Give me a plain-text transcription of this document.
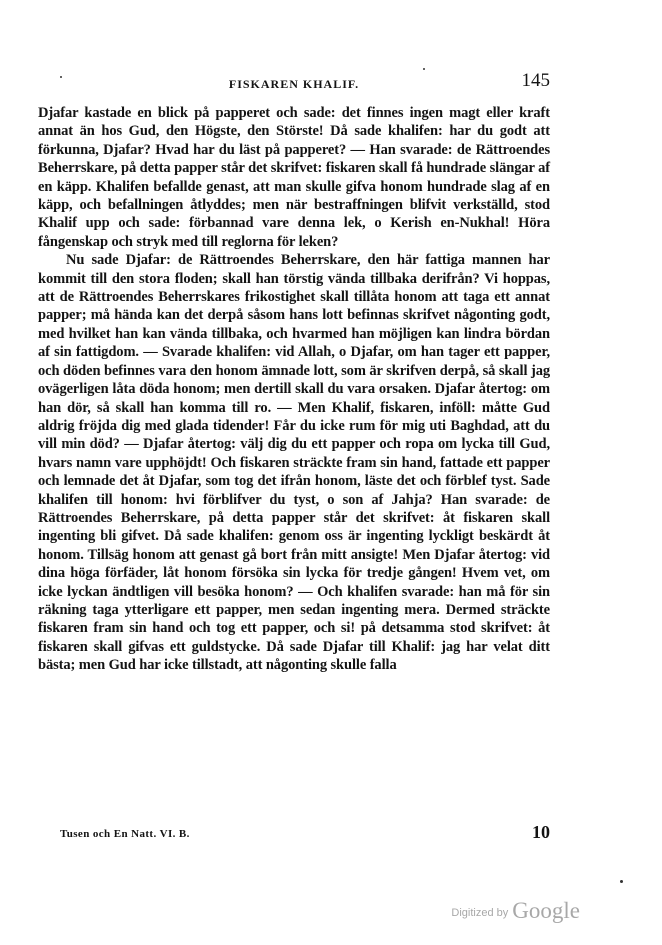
FISKAREN KHALIF.	145

Djafar kastade en blick på papperet och sade: det finnes ingen magt eller kraft annat än hos Gud, den Högste, den Störste! Då sade khalifen: har du godt att förkunna, Djafar? Hvad har du läst på papperet? — Han svarade: de Rättroendes Beherrskare, på detta papper står det skrifvet: fiskaren skall få hundrade slängar af en käpp. Khalifen befallde genast, att man skulle gifva honom hundrade slag af en käpp, och befallningen åtlyddes; men när bestraffningen blifvit verkställd, stod Khalif upp och sade: förbannad vare denna lek, o Kerish en-Nukhal! Höra fångenskap och stryk med till reglorna för leken?

Nu sade Djafar: de Rättroendes Beherrskare, den här fattiga mannen har kommit till den stora floden; skall han törstig vända tillbaka derifrån? Vi hoppas, att de Rättroendes Beherrskares frikostighet skall tillåta honom att taga ett annat papper; må hända kan det derpå såsom hans lott befinnas skrifvet någonting godt, med hvilket han kan vända tillbaka, och hvarmed han möjligen kan lindra bördan af sin fattigdom. — Svarade khalifen: vid Allah, o Djafar, om han tager ett papper, och döden befinnes vara den honom ämnade lott, som är skrifven derpå, så skall jag ovägerligen låta döda honom; men dertill skall du vara orsaken. Djafar återtog: om han dör, så skall han komma till ro. — Men Khalif, fiskaren, inföll: måtte Gud aldrig fröjda dig med glada tidender! Får du icke rum för mig uti Baghdad, att du vill min död? — Djafar återtog: välj dig du ett papper och ropa om lycka till Gud, hvars namn vare upphöjdt! Och fiskaren sträckte fram sin hand, fattade ett papper och lemnade det åt Djafar, som tog det ifrån honom, läste det och förblef tyst. Sade khalifen till honom: hvi förblifver du tyst, o son af Jahja? Han svarade: de Rättroendes Beherrskare, på detta papper står det skrifvet: åt fiskaren skall ingenting bli gifvet. Då sade khalifen: genom oss är ingenting lyckligt beskärdt åt honom. Tillsäg honom att genast gå bort från mitt ansigte! Men Djafar återtog: vid dina höga förfäder, låt honom försöka sin lycka för tredje gången! Hvem vet, om icke lyckan ändtligen vill besöka honom? — Och khalifen svarade: han må för sin räkning taga ytterligare ett papper, men sedan ingenting mera. Dermed sträckte fiskaren fram sin hand och tog ett papper, och si! på detsamma stod skrifvet: åt fiskaren skall gifvas ett guldstycke. Då sade Djafar till Khalif: jag har velat ditt bästa; men Gud har icke tillstadt, att någonting skulle falla

Tusen och En Natt. VI. B.	10
Digitized by Google
